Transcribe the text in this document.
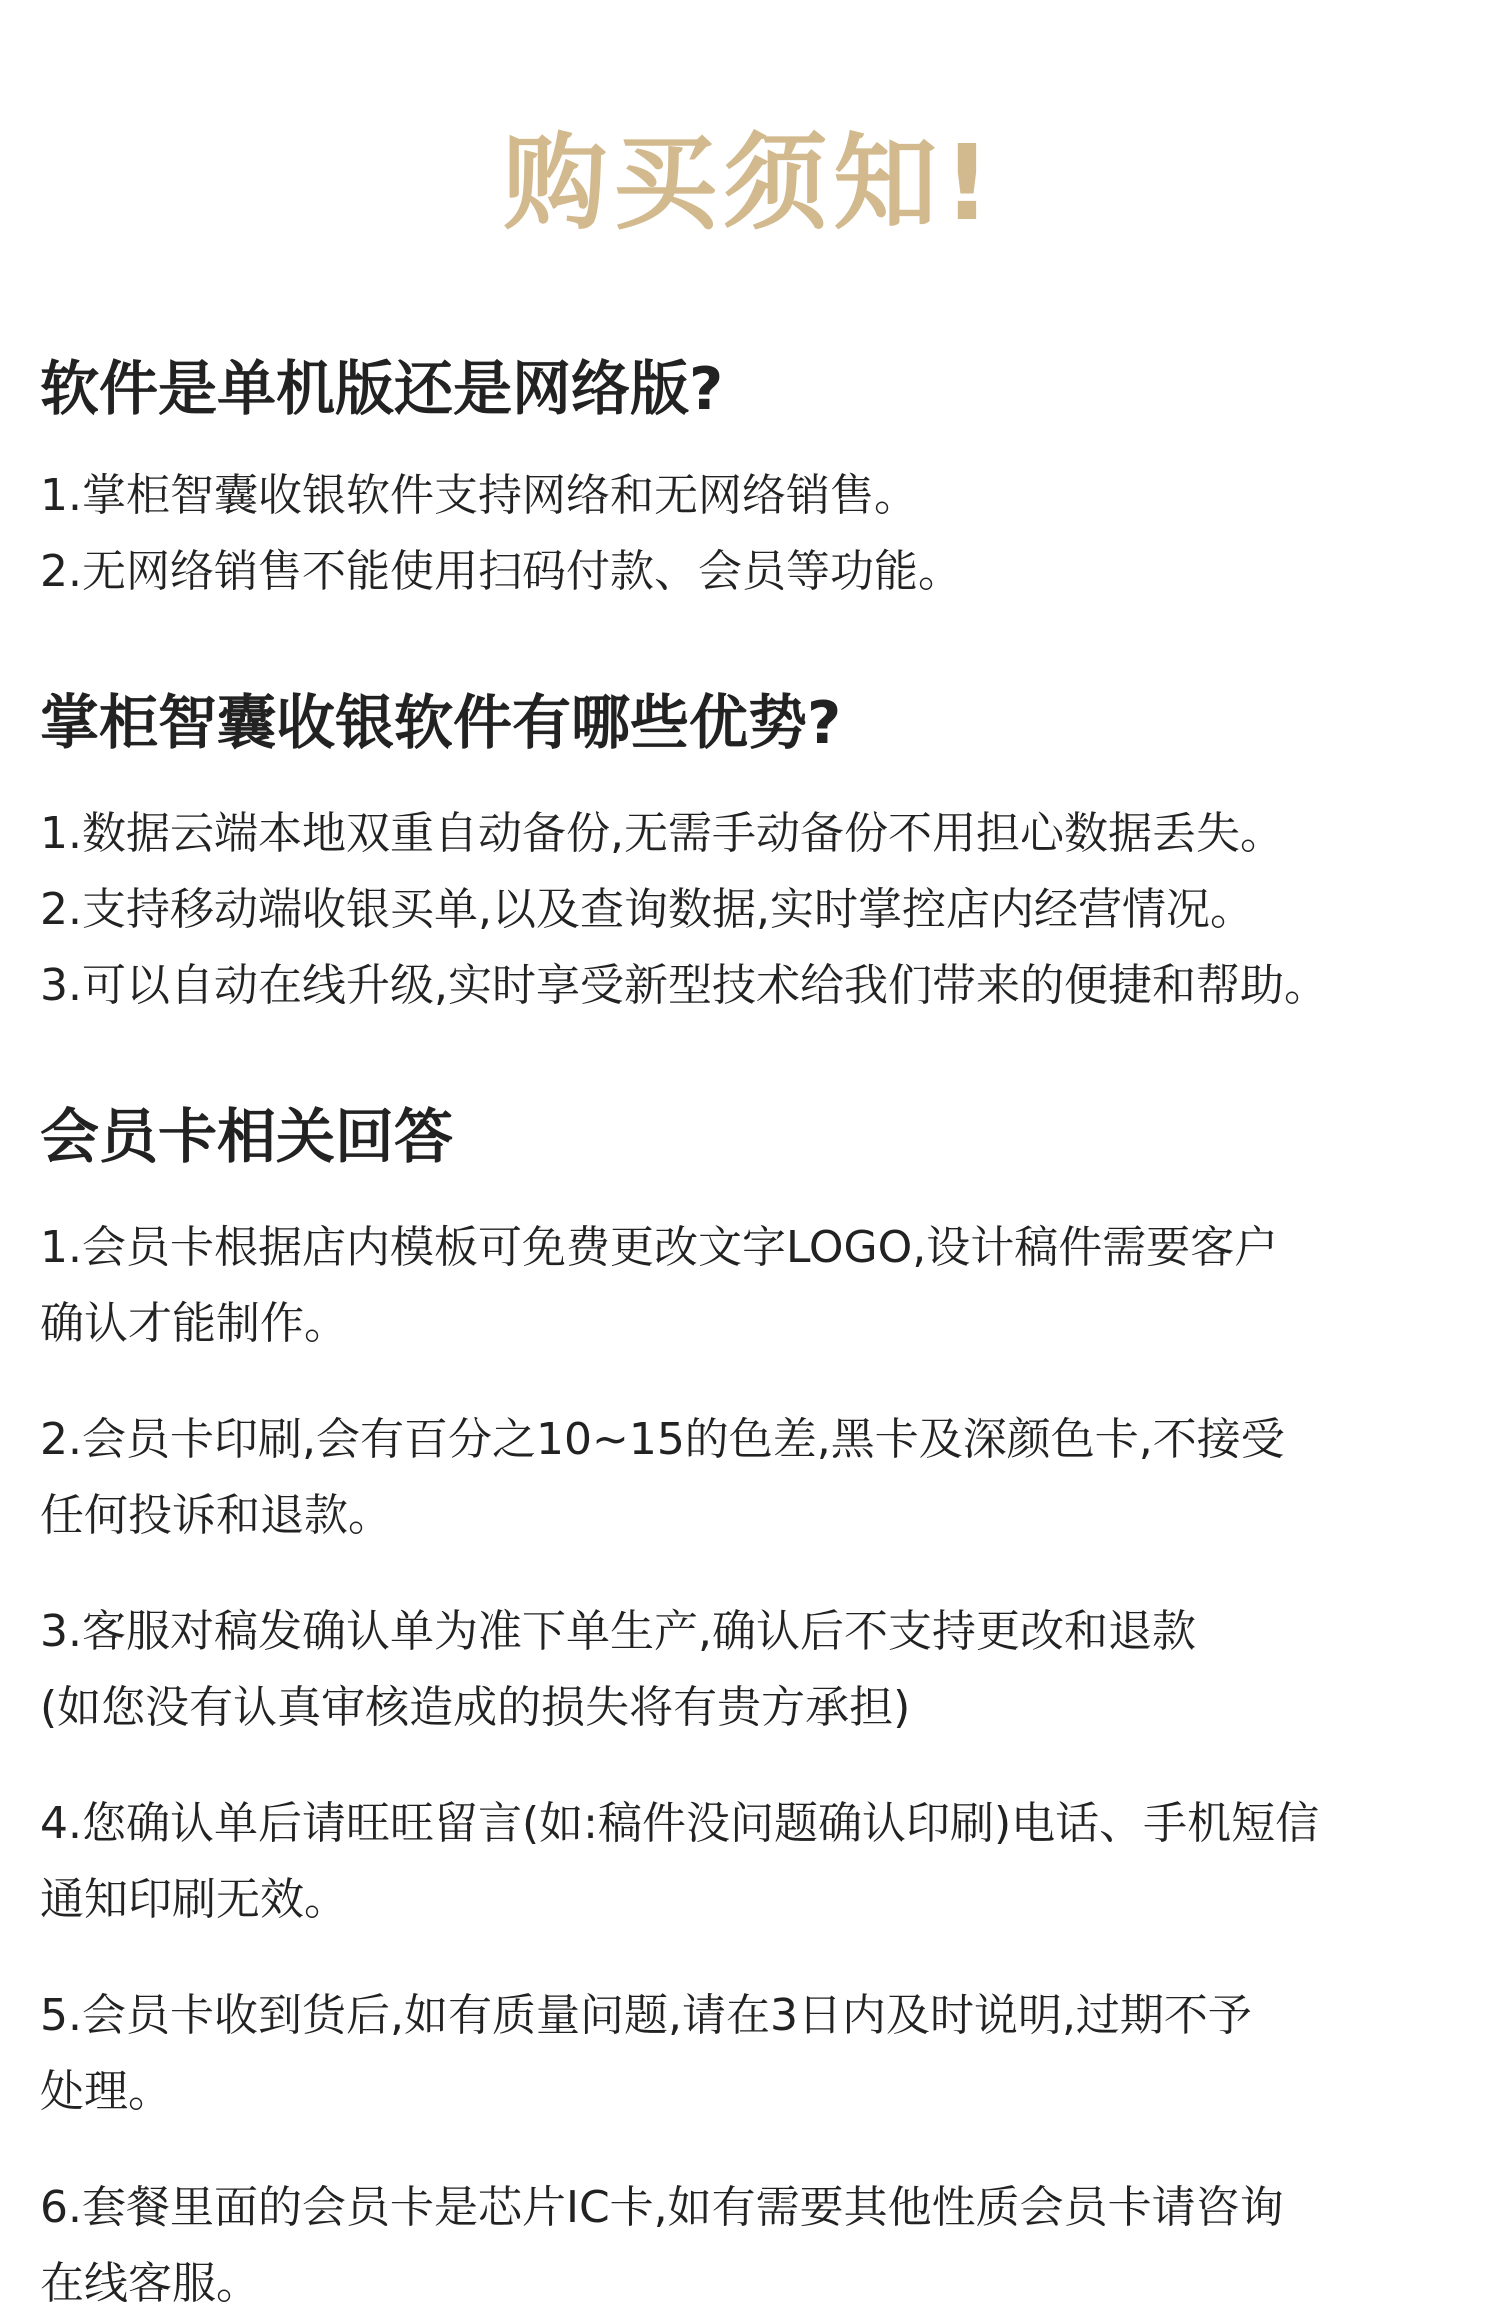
购买须知!
软件是单机版还是网络版?

1.掌柜智囊收银软件支持网络和无网络销售。

2.无网络销售不能使用扫码付款、会员等功能。

掌柜智囊收银软件有哪些优势?

1.数据云端本地双重自动备份,无需手动备份不用担心数据丢失。

2.支持移动端收银买单,以及查询数据,实时掌控店内经营情况。

3.可以自动在线升级,实时享受新型技术给我们带来的便捷和帮助。

会员卡相关回答

1.会员卡根据店内模板可免费更改文字LOGO,设计稿件需要客户
确认才能制作。

2.会员卡印刷,会有百分之10~15的色差,黑卡及深颜色卡,不接受
任何投诉和退款。

3.客服对稿发确认单为准下单生产,确认后不支持更改和退款
(如您没有认真审核造成的损失将有贵方承担)

4.您确认单后请旺旺留言(如:稿件没问题确认印刷)电话、手机短信
通知印刷无效。

5.会员卡收到货后,如有质量问题,请在3日内及时说明,过期不予
处理。

6.套餐里面的会员卡是芯片IC卡,如有需要其他性质会员卡请咨询
在线客服。
